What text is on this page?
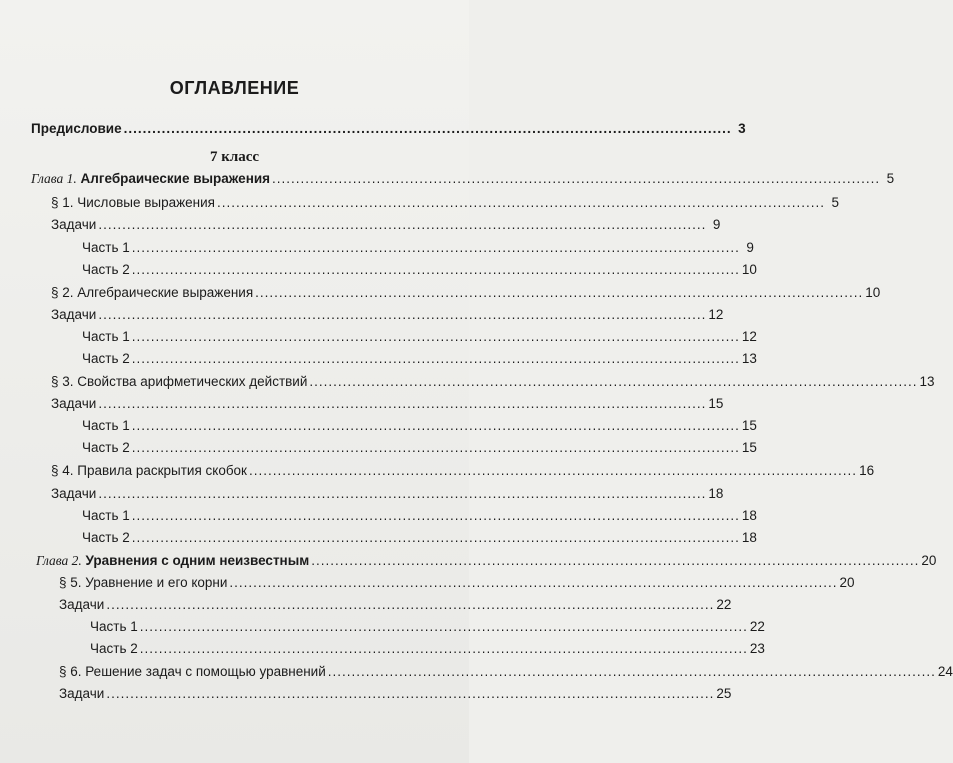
ОГЛАВЛЕНИЕ
7 класс
Предисловие ................................................................................................................................ 3
Глава 1. Алгебраические выражения ................................................................................................................................ 5
§ 1. Числовые выражения ................................................................................................................................ 5
Задачи ................................................................................................................................ 9
Часть 1 ................................................................................................................................ 9
Часть 2 ................................................................................................................................ 10
§ 2. Алгебраические выражения ................................................................................................................................ 10
Задачи ................................................................................................................................ 12
Часть 1 ................................................................................................................................ 12
Часть 2 ................................................................................................................................ 13
§ 3. Свойства арифметических действий ................................................................................................................................ 13
Задачи ................................................................................................................................ 15
Часть 1 ................................................................................................................................ 15
Часть 2 ................................................................................................................................ 15
§ 4. Правила раскрытия скобок ................................................................................................................................ 16
Задачи ................................................................................................................................ 18
Часть 1 ................................................................................................................................ 18
Часть 2 ................................................................................................................................ 18
Глава 2. Уравнения с одним неизвестным ................................................................................................................................ 20
§ 5. Уравнение и его корни ................................................................................................................................ 20
Задачи ................................................................................................................................ 22
Часть 1 ................................................................................................................................ 22
Часть 2 ................................................................................................................................ 23
§ 6. Решение задач с помощью уравнений ................................................................................................................................ 24
Задачи ................................................................................................................................ 25
